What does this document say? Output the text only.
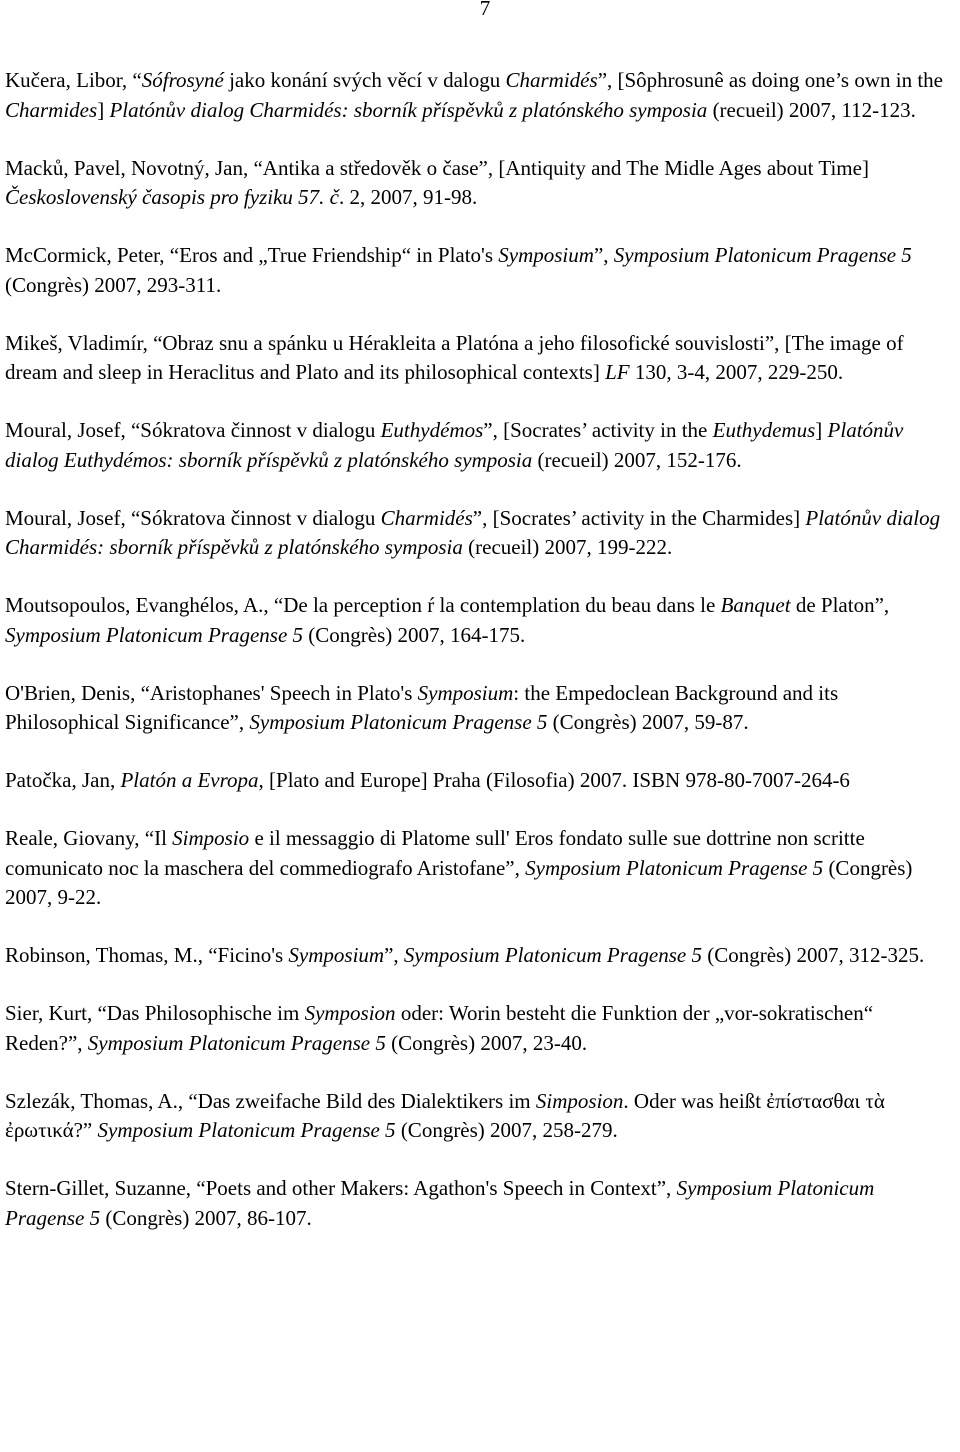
7
Kučera, Libor, “Sófrosyné jako konání svých věcí v dalogu Charmidés”, [Sôphrosunê as doing one’s own in the Charmides] Platónův dialog Charmidés: sborník příspěvků z platónského symposia (recueil) 2007, 112-123.
Macků, Pavel, Novotný, Jan, “Antika a středověk o čase”, [Antiquity and The Midle Ages about Time] Československý časopis pro fyziku 57. č. 2, 2007, 91-98.
McCormick, Peter, “Eros and „True Friendship“ in Plato's Symposium”, Symposium Platonicum Pragense 5 (Congrès) 2007, 293-311.
Mikeš, Vladimír, “Obraz snu a spánku u Hérakleita a Platóna a jeho filosofické souvislosti”, [The image of dream and sleep in Heraclitus and Plato and its philosophical contexts] LF 130, 3-4, 2007, 229-250.
Moural, Josef, “Sókratova činnost v dialogu Euthydémos”, [Socrates’ activity in the Euthydemus] Platónův dialog Euthydémos: sborník příspěvků z platónského symposia (recueil) 2007, 152-176.
Moural, Josef, “Sókratova činnost v dialogu Charmidés”, [Socrates’ activity in the Charmides] Platónův dialog Charmidés: sborník příspěvků z platónského symposia (recueil) 2007, 199-222.
Moutsopoulos, Evanghélos, A., “De la perception ŕ la contemplation du beau dans le Banquet de Platon”, Symposium Platonicum Pragense 5 (Congrès) 2007, 164-175.
O'Brien, Denis, “Aristophanes' Speech in Plato's Symposium: the Empedoclean Background and its Philosophical Significance”, Symposium Platonicum Pragense 5 (Congrès) 2007, 59-87.
Patočka, Jan, Platón a Evropa, [Plato and Europe] Praha (Filosofia) 2007. ISBN 978-80-7007-264-6
Reale, Giovany, “Il Simposio e il messaggio di Platome sull' Eros fondato sulle sue dottrine non scritte comunicato noc la maschera del commediografo Aristofane”, Symposium Platonicum Pragense 5 (Congrès) 2007, 9-22.
Robinson, Thomas, M., “Ficino's Symposium”, Symposium Platonicum Pragense 5 (Congrès) 2007, 312-325.
Sier, Kurt, “Das Philosophische im Symposion oder: Worin besteht die Funktion der „vor-sokratischen“ Reden?”, Symposium Platonicum Pragense 5 (Congrès) 2007, 23-40.
Szlezák, Thomas, A., “Das zweifache Bild des Dialektikers im Simposion. Oder was heißt ἐπίστασθαι τὰ ἐρωτικά?” Symposium Platonicum Pragense 5 (Congrès) 2007, 258-279.
Stern-Gillet, Suzanne, “Poets and other Makers: Agathon's Speech in Context”, Symposium Platonicum Pragense 5 (Congrès) 2007, 86-107.
